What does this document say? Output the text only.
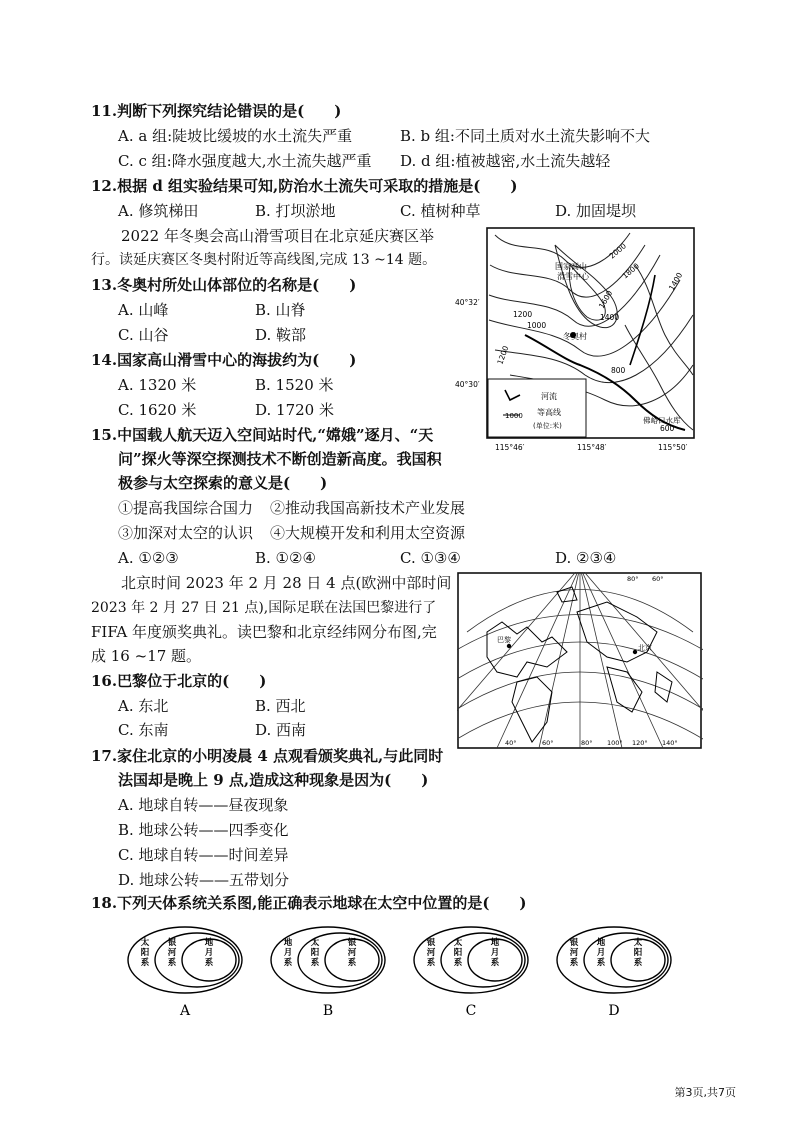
11.判断下列探究结论错误的是(　　)
A. a 组:陡坡比缓坡的水土流失严重	B. b 组:不同土质对水土流失影响不大
C. c 组:降水强度越大,水土流失越严重 D. d 组:植被越密,水土流失越轻
12.根据 d 组实验结果可知,防治水土流失可采取的措施是(　　)
A. 修筑梯田	B. 打坝淤地	C. 植树种草	D. 加固堤坝
2022 年冬奥会高山滑雪项目在北京延庆赛区举
行。读延庆赛区冬奥村附近等高线图,完成 13 ~14 题。
13.冬奥村所处山体部位的名称是(　　)
A. 山峰	B. 山脊
C. 山谷	D. 鞍部
14.国家高山滑雪中心的海拔约为(　　)
A. 1320 米	B. 1520 米
C. 1620 米	D. 1720 米
国家高山
滑雪中心
冬奥村
佛峪口水库
2000
1800
1600
1400
1400
1200
1200
1000
800
600
40°32′
40°30′
115°46′	115°48′	115°50′
河流
1000 等高线
(单位:米)
15.中国载人航天迈入空间站时代,“嫦娥”逐月、“天
问”探火等深空探测技术不断创造新高度。我国积
极参与太空探索的意义是(　　)
①提高我国综合国力 ②推动我国高新技术产业发展
③加深对太空的认识 ④大规模开发和利用太空资源
A. ①②③	B. ①②④	C. ①③④	D. ②③④
北京时间 2023 年 2 月 28 日 4 点(欧洲中部时间
2023 年 2 月 27 日 21 点),国际足联在法国巴黎进行了
FIFA 年度颁奖典礼。读巴黎和北京经纬网分布图,完
成 16 ~17 题。
16.巴黎位于北京的(　　)
A. 东北	B. 西北
C. 东南	D. 西南
巴黎
北京
40°	60°	80° 100° 120° 140°
80° 60°
17.家住北京的小明凌晨 4 点观看颁奖典礼,与此同时
法国却是晚上 9 点,造成这种现象是因为(　　)
A. 地球自转——昼夜现象
B. 地球公转——四季变化
C. 地球自转——时间差异
D. 地球公转——五带划分
18.下列天体系统关系图,能正确表示地球在太空中位置的是(　　)
太阳系
银河系
地月系
A
地月系
太阳系
银河系
B
银河系
太阳系
地月系
C
银河系
地月系
太阳系
D
第3页,共7页
